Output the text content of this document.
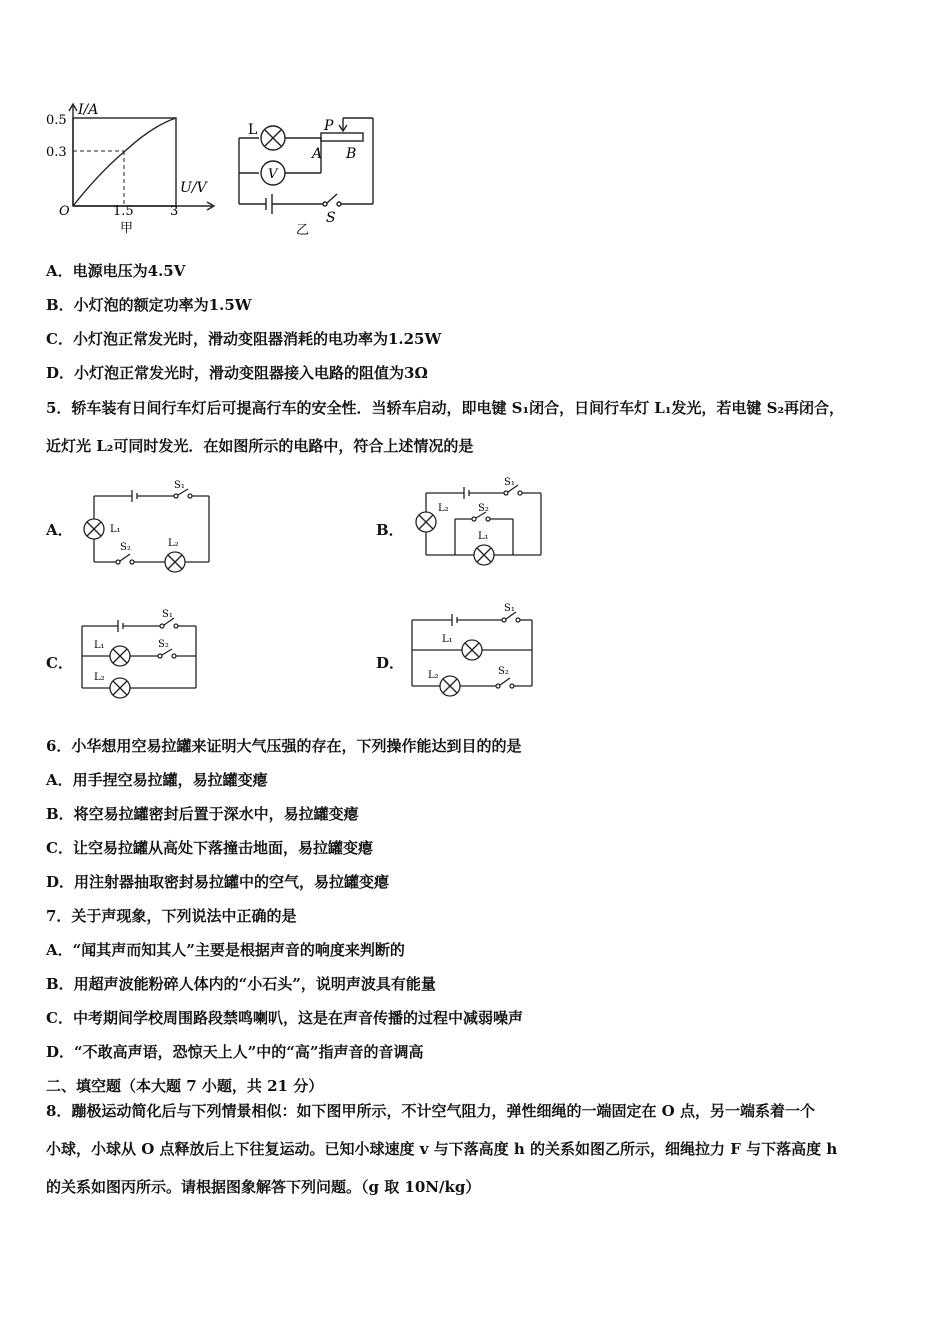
I/A
U/V
0.5
0.3
O	1.5	3
甲
V
L	P
A B
S
乙
A．电源电压为4.5V
B．小灯泡的额定功率为1.5W
C．小灯泡正常发光时，滑动变阻器消耗的电功率为1.25W
D．小灯泡正常发光时，滑动变阻器接入电路的阻值为3Ω
5．轿车装有日间行车灯后可提高行车的安全性．当轿车启动，即电键 S₁闭合，日间行车灯 L₁发光，若电键 S₂再闭合，
近灯光 L₂可同时发光．在如图所示的电路中，符合上述情况的是
A．	B．
C．	D．
S₁
L₁
S₂	L₂
S₁
L₂	S₂
L₁
S₁
L₁	S₂
L₂
S₁
L₁
L₂	S₂
6．小华想用空易拉罐来证明大气压强的存在，下列操作能达到目的的是
A．用手捏空易拉罐，易拉罐变瘪
B．将空易拉罐密封后置于深水中，易拉罐变瘪
C．让空易拉罐从高处下落撞击地面，易拉罐变瘪
D．用注射器抽取密封易拉罐中的空气，易拉罐变瘪
7．关于声现象，下列说法中正确的是
A．“闻其声而知其人”主要是根据声音的响度来判断的
B．用超声波能粉碎人体内的“小石头”，说明声波具有能量
C．中考期间学校周围路段禁鸣喇叭，这是在声音传播的过程中减弱噪声
D．“不敢高声语，恐惊天上人”中的“高”指声音的音调高
二、填空题（本大题 7 小题，共 21 分）
8．蹦极运动简化后与下列情景相似：如下图甲所示，不计空气阻力，弹性细绳的一端固定在 O 点，另一端系着一个
小球，小球从 O 点释放后上下往复运动。已知小球速度 v 与下落高度 h 的关系如图乙所示，细绳拉力 F 与下落高度 h
的关系如图丙所示。请根据图象解答下列问题。（g 取 10N/kg）
